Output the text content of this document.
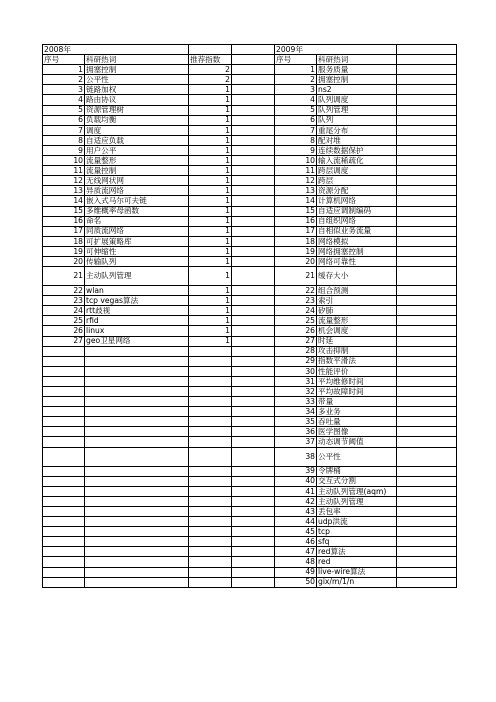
2008年				2009年		
序号	科研热词	推荐指数		序号	科研热词	
1	拥塞控制	2		1	服务质量	
2	公平性	2		2	拥塞控制	
3	链路加权	1		3	ns2	
4	路由协议	1		4	队列调度	
5	资源管理树	1		5	队列管理	
6	负载均衡	1		6	队列	
7	调度	1		7	重尾分布	
8	自适应负载	1		8	配对堆	
9	用户公平	1		9	连续数据保护	
10	流量整形	1		10	输入流稀疏化	
11	流量控制	1		11	跨层调度	
12	无线网状网	1		12	跨层	
13	异质流网络	1		13	资源分配	
14	嵌入式马尔可夫链	1		14	计算机网络	
15	多维概率母函数	1		15	自适应调制编码	
16	命名	1		16	自组织网络	
17	同质流网络	1		17	自相似业务流量	
18	可扩展策略库	1		18	网络模拟	
19	可伸缩性	1		19	网络拥塞控制	
20	传输队列	1		20	网络可靠性	
21	主动队列管理	1		21	缓存大小	
22	wlan	1		22	组合预测	
23	tcp vegas算法	1		23	索引	
24	rtt歧视	1		24	矽肺	
25	rfid	1		25	流量整形	
26	linux	1		26	机会调度	
27	geo卫星网络	1		27	时延	
				28	攻击抑制	
				29	指数平滑法	
				30	性能评价	
				31	平均维修时间	
				32	平均故障时间	
				33	带量	
				34	多业务	
				35	吞吐量	
				36	医学图像	
				37	动态调节阈值	
				38	公平性	
				39	令牌桶	
				40	交互式分割	
				41	主动队列管理(aqm)	
				42	主动队列管理	
				43	丢包率	
				44	udp洪流	
				45	tcp	
				46	sfq	
				47	red算法	
				48	red	
				49	live-wire算法	
				50	gix/m/1/n	
